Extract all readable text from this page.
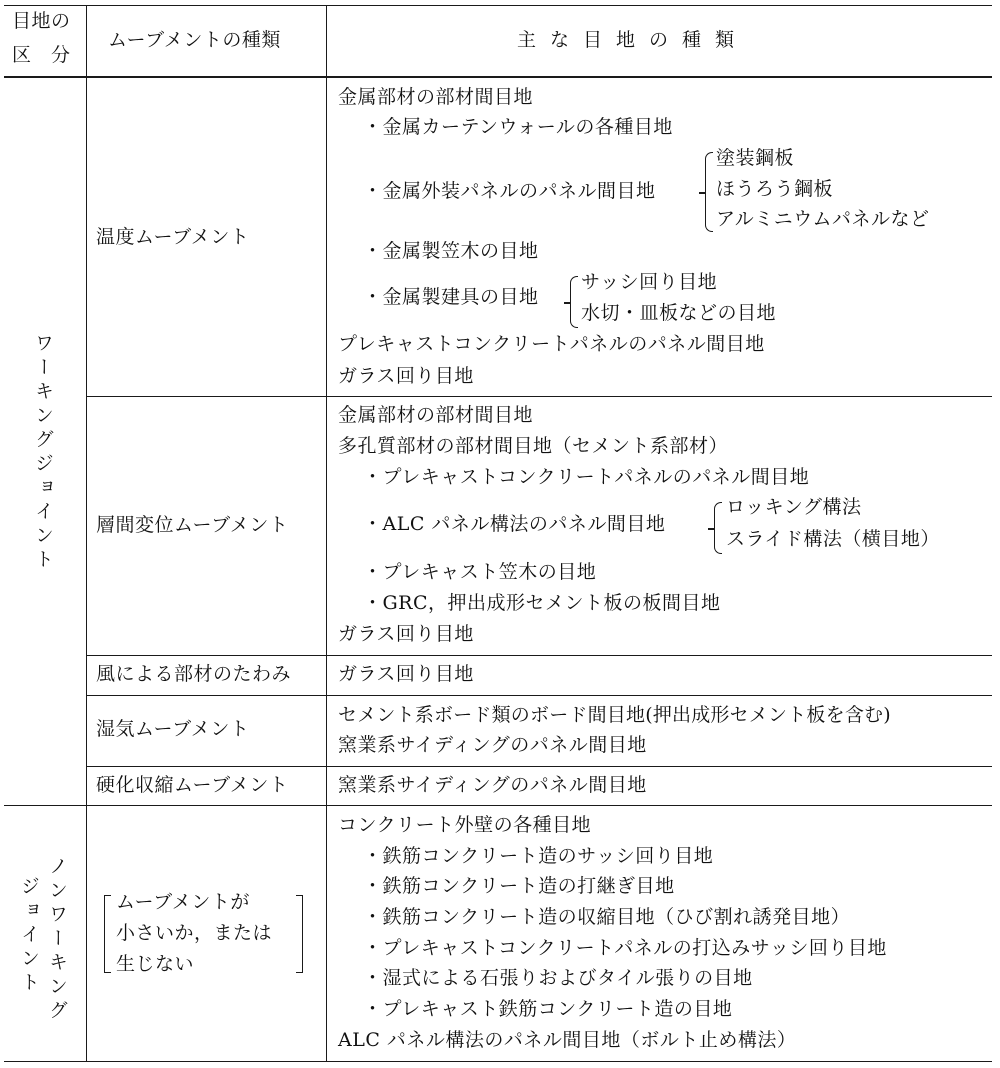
目地の
区　分
ムーブメントの種類	主な目地の種類
ワーキングジョイント
ノンワーキング
ジョイント
温度ムーブメント
層間変位ムーブメント
風による部材のたわみ
湿気ムーブメント
硬化収縮ムーブメント
ムーブメントが
小さいか，または
生じない
金属部材の部材間目地
・金属カーテンウォールの各種目地
・金属外装パネルのパネル間目地
塗装鋼板
ほうろう鋼板
アルミニウムパネルなど
・金属製笠木の目地
・金属製建具の目地
サッシ回り目地
水切・皿板などの目地
プレキャストコンクリートパネルのパネル間目地
ガラス回り目地
金属部材の部材間目地
多孔質部材の部材間目地（セメント系部材）
・プレキャストコンクリートパネルのパネル間目地
・ALC パネル構法のパネル間目地
ロッキング構法
スライド構法（横目地）
・プレキャスト笠木の目地
・GRC，押出成形セメント板の板間目地
ガラス回り目地
ガラス回り目地
セメント系ボード類のボード間目地(押出成形セメント板を含む)
窯業系サイディングのパネル間目地
窯業系サイディングのパネル間目地
コンクリート外壁の各種目地
・鉄筋コンクリート造のサッシ回り目地
・鉄筋コンクリート造の打継ぎ目地
・鉄筋コンクリート造の収縮目地（ひび割れ誘発目地）
・プレキャストコンクリートパネルの打込みサッシ回り目地
・湿式による石張りおよびタイル張りの目地
・プレキャスト鉄筋コンクリート造の目地
ALC パネル構法のパネル間目地（ボルト止め構法）
